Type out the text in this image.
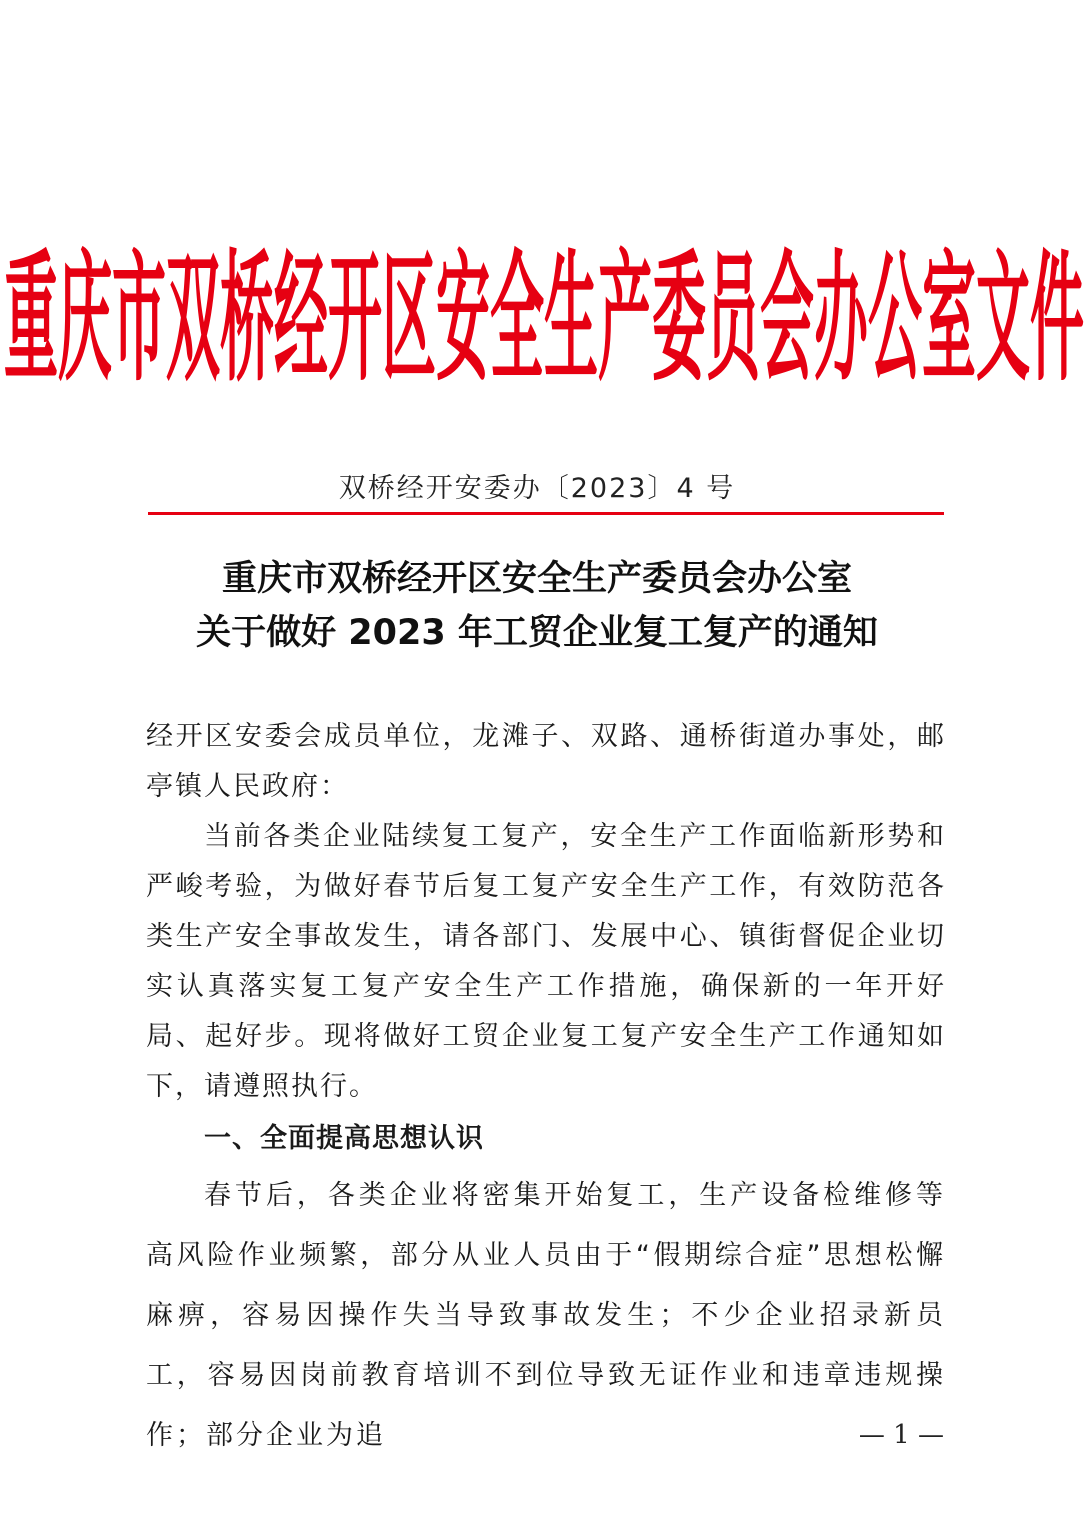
重庆市双桥经开区安全生产委员会办公室文件
双桥经开安委办〔2023〕4 号
重庆市双桥经开区安全生产委员会办公室
关于做好 2023 年工贸企业复工复产的通知

经开区安委会成员单位，龙滩子、双路、通桥街道办事处，邮亭镇人民政府：

当前各类企业陆续复工复产，安全生产工作面临新形势和严峻考验，为做好春节后复工复产安全生产工作，有效防范各类生产安全事故发生，请各部门、发展中心、镇街督促企业切实认真落实复工复产安全生产工作措施，确保新的一年开好局、起好步。现将做好工贸企业复工复产安全生产工作通知如下，请遵照执行。

一、全面提高思想认识

春节后，各类企业将密集开始复工，生产设备检维修等高风险作业频繁，部分从业人员由于“假期综合症”思想松懈麻痹，容易因操作失当导致事故发生；不少企业招录新员工，容易因岗前教育培训不到位导致无证作业和违章违规操作；部分企业为追	— 1 —
